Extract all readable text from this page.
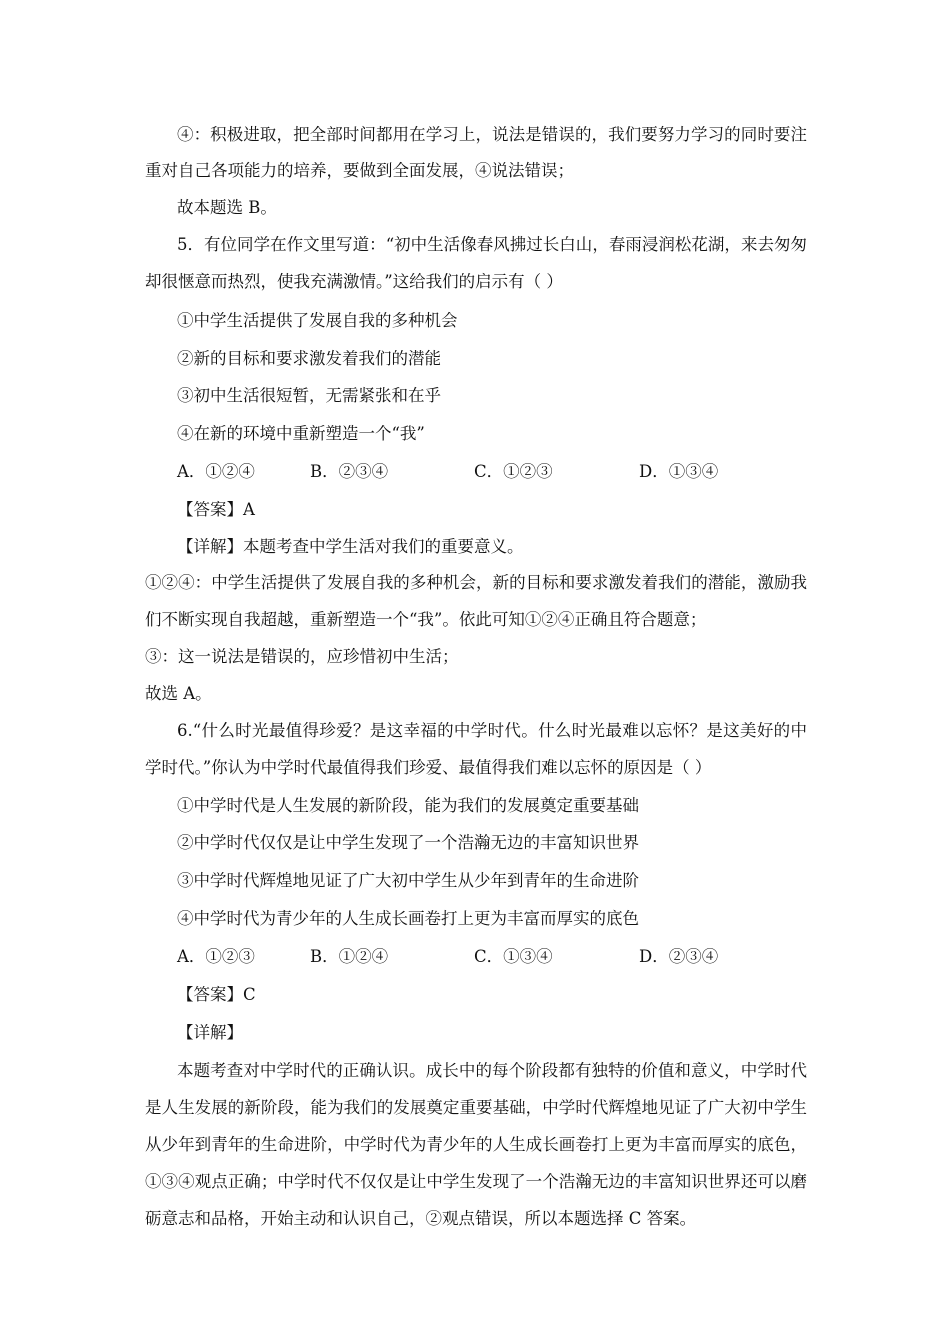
④：积极进取，把全部时间都用在学习上，说法是错误的，我们要努力学习的同时要注
重对自己各项能力的培养，要做到全面发展，④说法错误；
故本题选 B。
5．有位同学在作文里写道：“初中生活像春风拂过长白山，春雨浸润松花湖，来去匆匆
却很惬意而热烈，使我充满激情。”这给我们的启示有（ ）
①中学生活提供了发展自我的多种机会
②新的目标和要求激发着我们的潜能
③初中生活很短暂，无需紧张和在乎
④在新的环境中重新塑造一个“我”
A．①②④	B．②③④	C．①②③	D．①③④
【答案】A
【详解】本题考查中学生活对我们的重要意义。
①②④：中学生活提供了发展自我的多种机会，新的目标和要求激发着我们的潜能，激励我
们不断实现自我超越，重新塑造一个“我”。依此可知①②④正确且符合题意；
③：这一说法是错误的，应珍惜初中生活；
故选 A。
6.“什么时光最值得珍爱？是这幸福的中学时代。什么时光最难以忘怀？是这美好的中
学时代。”你认为中学时代最值得我们珍爱、最值得我们难以忘怀的原因是（ ）
①中学时代是人生发展的新阶段，能为我们的发展奠定重要基础
②中学时代仅仅是让中学生发现了一个浩瀚无边的丰富知识世界
③中学时代辉煌地见证了广大初中学生从少年到青年的生命进阶
④中学时代为青少年的人生成长画卷打上更为丰富而厚实的底色
A．①②③	B．①②④	C．①③④	D．②③④
【答案】C
【详解】
本题考查对中学时代的正确认识。成长中的每个阶段都有独特的价值和意义，中学时代
是人生发展的新阶段，能为我们的发展奠定重要基础，中学时代辉煌地见证了广大初中学生
从少年到青年的生命进阶，中学时代为青少年的人生成长画卷打上更为丰富而厚实的底色，
①③④观点正确；中学时代不仅仅是让中学生发现了一个浩瀚无边的丰富知识世界还可以磨
砺意志和品格，开始主动和认识自己，②观点错误，所以本题选择 C 答案。
